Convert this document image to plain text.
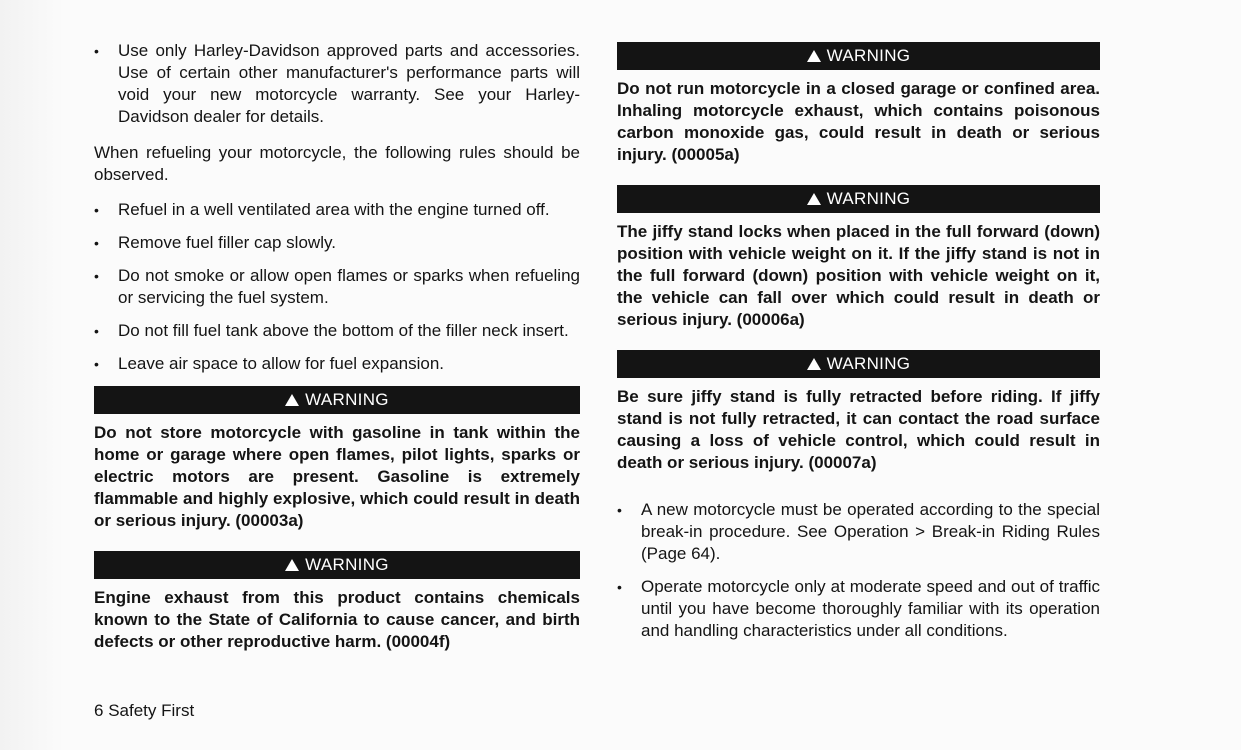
• Use only Harley-Davidson approved parts and accessories. Use of certain other manufacturer's performance parts will void your new motorcycle warranty. See your Harley-Davidson dealer for details.

When refueling your motorcycle, the following rules should be observed.

• Refuel in a well ventilated area with the engine turned off.
• Remove fuel filler cap slowly.
• Do not smoke or allow open flames or sparks when refueling or servicing the fuel system.
• Do not fill fuel tank above the bottom of the filler neck insert.
• Leave air space to allow for fuel expansion.
WARNING

Do not store motorcycle with gasoline in tank within the home or garage where open flames, pilot lights, sparks or electric motors are present. Gasoline is extremely flammable and highly explosive, which could result in death or serious injury. (00003a)

WARNING

Engine exhaust from this product contains chemicals known to the State of California to cause cancer, and birth defects or other reproductive harm. (00004f)

WARNING

Do not run motorcycle in a closed garage or confined area. Inhaling motorcycle exhaust, which contains poisonous carbon monoxide gas, could result in death or serious injury. (00005a)

WARNING

The jiffy stand locks when placed in the full forward (down) position with vehicle weight on it. If the jiffy stand is not in the full forward (down) position with vehicle weight on it, the vehicle can fall over which could result in death or serious injury. (00006a)

WARNING

Be sure jiffy stand is fully retracted before riding. If jiffy stand is not fully retracted, it can contact the road surface causing a loss of vehicle control, which could result in death or serious injury. (00007a)

• A new motorcycle must be operated according to the special break-in procedure. See Operation > Break-in Riding Rules (Page 64).
• Operate motorcycle only at moderate speed and out of traffic until you have become thoroughly familiar with its operation and handling characteristics under all conditions.
6 Safety First
